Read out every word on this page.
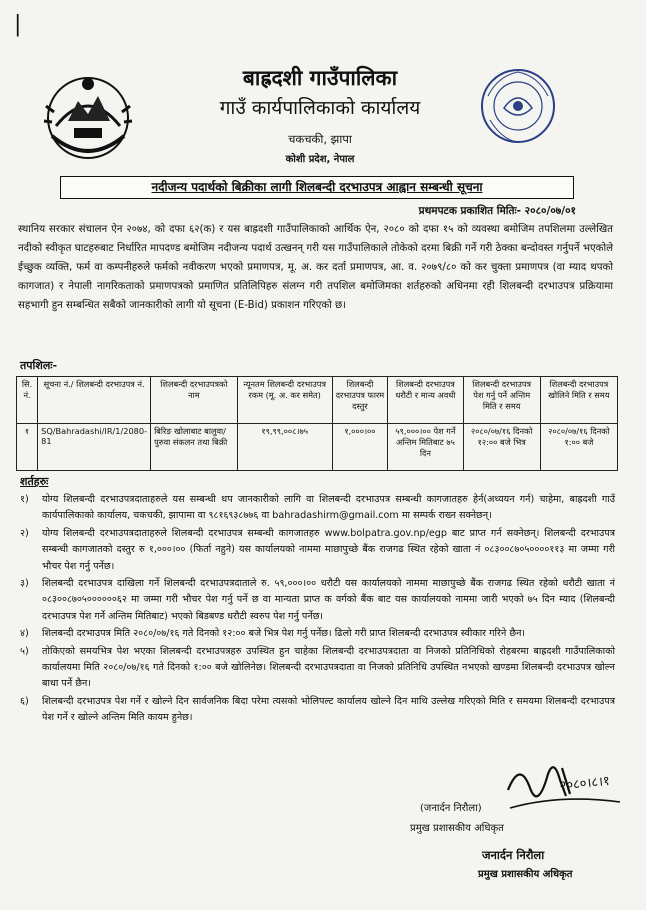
|
बाह्रदशी गाउँपालिका
गाउँ कार्यपालिकाको कार्यालय
चकचकी, झापा
कोशी प्रदेश, नेपाल
नदीजन्य पदार्थको बिक्रीका लागी शिलबन्दी दरभाउपत्र आह्वान सम्बन्धी सूचना
प्रथमपटक प्रकाशित मितिः- २०८०/०७/०१
स्थानिय सरकार संचालन ऐन २०७४, को दफा ६२(क) र यस बाह्रदशी गाउँपालिकाको आर्थिक ऐन, २०८० को दफा १५ को व्यवस्था बमोजिम तपशिलमा उल्लेखित नदीको स्वीकृत घाटहरुबाट निर्धारित मापदण्ड बमोजिम नदीजन्य पदार्थ उत्खनन् गरी यस गाउँपालिकाले तोकेको दरमा बिक्री गर्ने गरी ठेक्का बन्दोवस्त गर्नुपर्ने भएकोले ईच्छुक व्यक्ति, फर्म वा कम्पनीहरुले फर्मको नवीकरण भएको प्रमाणपत्र, मू. अ. कर दर्ता प्रमाणपत्र, आ. व. २०७९/८० को कर चुक्ता प्रमाणपत्र (वा म्याद थपको कागजात) र नेपाली नागरिकताको प्रमाणपत्रको प्रमाणित प्रतिलिपिहरु संलग्न गरी तपशिल बमोजिमका शर्तहरुको अधिनमा रही शिलबन्दी दरभाउपत्र प्रक्रियामा सहभागी हुन सम्बन्धित सबैको जानकारीको लागी यो सूचना (E-Bid) प्रकाशन गरिएको छ।
तपशिलः-
सि. नं.	सूचना नं./ शिलबन्दी दरभाउपत्र नं.	शिलबन्दी दरभाउपत्रको नाम	न्यूनतम शिलबन्दी दरभाउपत्र रकम (मू. अ. कर समेत)	शिलबन्दी दरभाउपत्र फारम दस्तुर	शिलबन्दी दरभाउपत्र धरौटी र मान्य अवधी	शिलबन्दी दरभाउपत्र पेश गर्नु पर्ने अन्तिम मिति र समय	शिलबन्दी दरभाउपत्र खोलिने मिति र समय
१	SQ/Bahradashi/IR/1/2080-81	बिरिङ खोलाबाट बालुवा/पुरुवा संकलन तथा बिक्री	१९,९९,००८।७५	१,०००।००	५९,०००।०० पेश गर्ने अन्तिम मितिबाट ७५ दिन	२०८०/०७/१६ दिनको १२:०० बजे भित्र	२०८०/०७/१६ दिनको १:०० बजे
शर्तहरुः
१)	योग्य शिलबन्दी दरभाउपत्रदाताहरुले यस सम्बन्धी थप जानकारीको लागि वा शिलबन्दी दरभाउपत्र सम्बन्धी कागजातहरु हेर्न(अध्ययन गर्न) चाहेमा, बाह्रदशी गाउँ कार्यपालिकाको कार्यालय, चकचकी, झापामा वा ९८१६९३८७७६ वा bahradashirm@gmail.com मा सम्पर्क राख्न सक्नेछन्।
२)	योग्य शिलबन्दी दरभाउपत्रदाताहरुले शिलबन्दी दरभाउपत्र सम्बन्धी कागजातहरु www.bolpatra.gov.np/egp बाट प्राप्त गर्न सक्नेछन्। शिलबन्दी दरभाउपत्र सम्बन्धी कागजातको दस्तुर रु १,०००।०० (फिर्ता नहुने) यस कार्यालयको नाममा माछापुच्छे बैंक राजगढ स्थित रहेको खाता नं ०८३००८७०५००००११३ मा जम्मा गरी भौचर पेश गर्नु पर्नेछ।
३)	शिलबन्दी दरभाउपत्र दाखिला गर्ने शिलबन्दी दरभाउपत्रदाताले रु. ५९,०००।०० धरौटी यस कार्यालयको नाममा माछापुच्छे बैंक राजगढ स्थित रहेको धरौटी खाता नं ०८३००८७०५००००००६२ मा जम्मा गरी भौचर पेश गर्नु पर्ने छ वा मान्यता प्राप्त क वर्गको बैंक बाट यस कार्यालयको नाममा जारी भएको ७५ दिन म्याद (शिलबन्दी दरभाउपत्र पेश गर्ने अन्तिम मितिबाट) भएको बिडबण्ड धरौटी स्वरुप पेश गर्नु पर्नेछ।
४)	शिलबन्दी दरभाउपत्र मिति २०८०/०७/१६ गते दिनको १२:०० बजे भित्र पेश गर्नु पर्नेछ। ढिलो गरी प्राप्त शिलबन्दी दरभाउपत्र स्वीकार गरिने छैन।
५)	तोकिएको समयभित्र पेश भएका शिलबन्दी दरभाउपत्रहरु उपस्थित हुन चाहेका शिलबन्दी दरभाउपत्रदाता वा निजको प्रतिनिधिको रोहबरमा बाह्रदशी गाउँपालिकाको कार्यालयमा मिति २०८०/०७/१६ गते दिनको १:०० बजे खोलिनेछ। शिलबन्दी दरभाउपत्रदाता वा निजको प्रतिनिधि उपस्थित नभएको खण्डमा शिलबन्दी दरभाउपत्र खोल्न बाधा पर्ने छैन।
६)	शिलबन्दी दरभाउपत्र पेश गर्ने र खोल्ने दिन सार्वजनिक बिदा परेमा त्यसको भोलिपल्ट कार्यालय खोल्ने दिन माथि उल्लेख गरिएको मिति र समयमा शिलबन्दी दरभाउपत्र पेश गर्ने र खोल्ने अन्तिम मिति कायम हुनेछ।
२०८०।८।१
(जनार्दन निरौला)
प्रमुख प्रशासकीय अधिकृत
जनार्दन निरौला
प्रमुख प्रशासकीय अधिकृत
